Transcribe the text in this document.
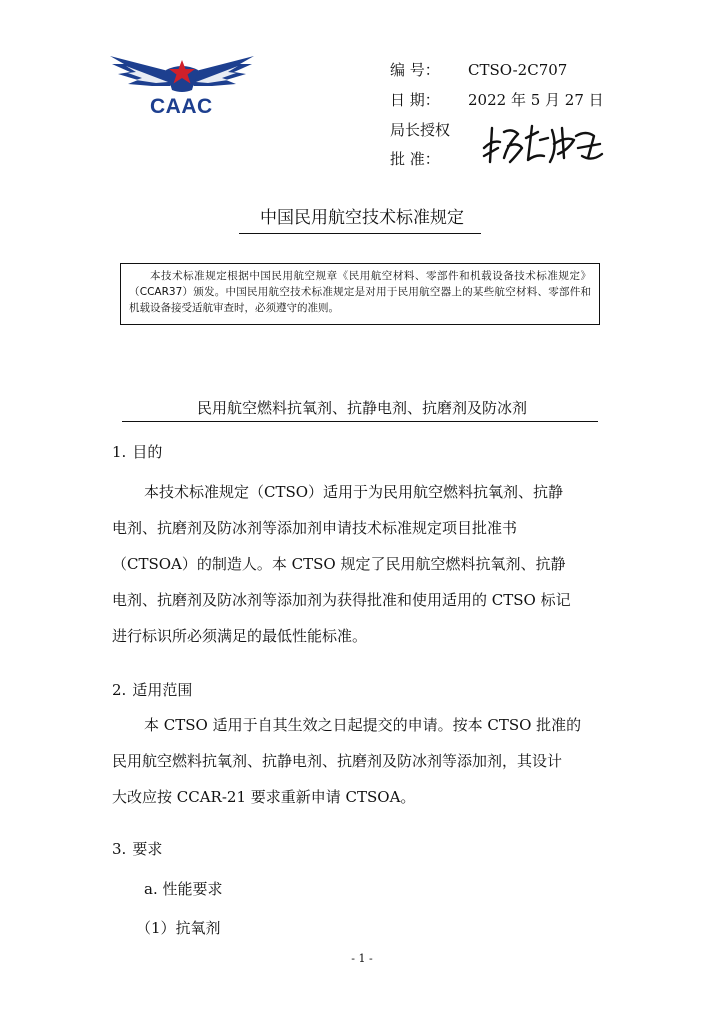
CAAC
编 号： CTSO-2C707
日 期： 2022 年 5 月 27 日
局长授权
批 准：
中国民用航空技术标准规定
本技术标准规定根据中国民用航空规章《民用航空材料、零部件和机载设备技术标准规定》（CCAR37）颁发。中国民用航空技术标准规定是对用于民用航空器上的某些航空材料、零部件和机载设备接受适航审查时，必须遵守的准则。
民用航空燃料抗氧剂、抗静电剂、抗磨剂及防冰剂
1. 目的
本技术标准规定（CTSO）适用于为民用航空燃料抗氧剂、抗静
电剂、抗磨剂及防冰剂等添加剂申请技术标准规定项目批准书
（CTSOA）的制造人。本 CTSO 规定了民用航空燃料抗氧剂、抗静
电剂、抗磨剂及防冰剂等添加剂为获得批准和使用适用的 CTSO 标记
进行标识所必须满足的最低性能标准。
2. 适用范围
本 CTSO 适用于自其生效之日起提交的申请。按本 CTSO 批准的
民用航空燃料抗氧剂、抗静电剂、抗磨剂及防冰剂等添加剂，其设计
大改应按 CCAR-21 要求重新申请 CTSOA。
3. 要求
a. 性能要求
（1）抗氧剂
- 1 -
